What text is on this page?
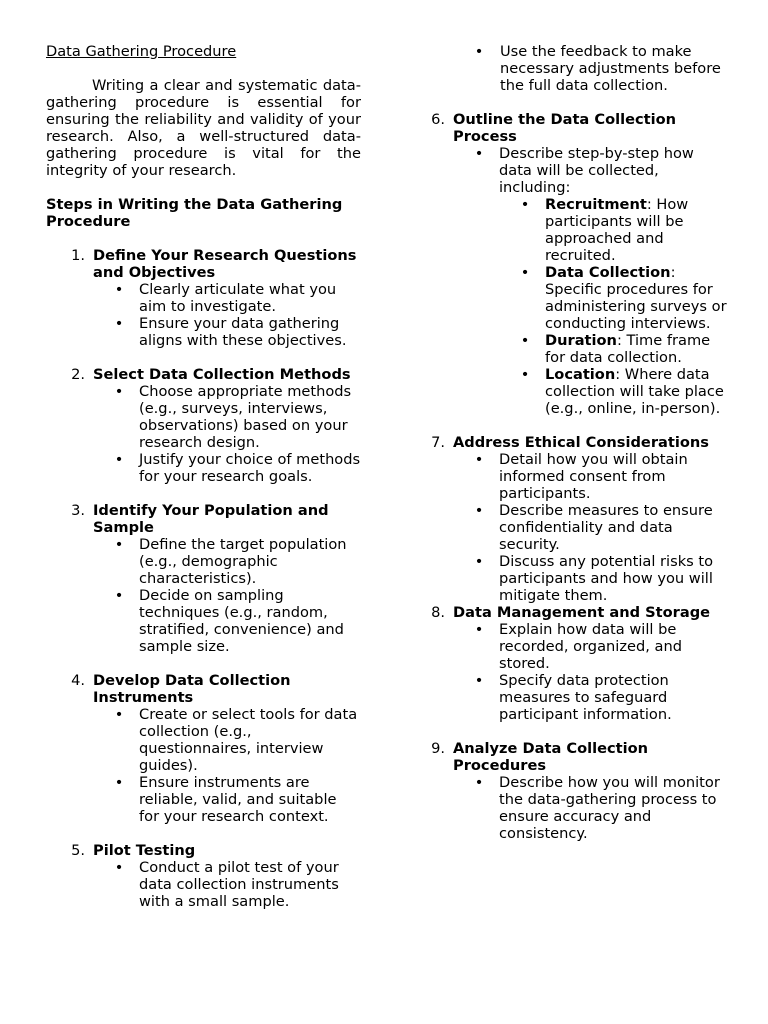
Data Gathering Procedure

Writing a clear and systematic data-gathering procedure is essential for ensuring the reliability and validity of your research. Also, a well-structured data-gathering procedure is vital for the integrity of your research.

Steps in Writing the Data Gathering Procedure
1. Define Your Research Questions and Objectives
• Clearly articulate what you aim to investigate.
• Ensure your data gathering aligns with these objectives.
2. Select Data Collection Methods
• Choose appropriate methods (e.g., surveys, interviews, observations) based on your research design.
• Justify your choice of methods for your research goals.
3. Identify Your Population and Sample
• Define the target population (e.g., demographic characteristics).
• Decide on sampling techniques (e.g., random, stratified, convenience) and sample size.
4. Develop Data Collection Instruments
• Create or select tools for data collection (e.g., questionnaires, interview guides).
• Ensure instruments are reliable, valid, and suitable for your research context.
5. Pilot Testing
• Conduct a pilot test of your data collection instruments with a small sample.
• Use the feedback to make necessary adjustments before the full data collection.
6. Outline the Data Collection Process
• Describe step-by-step how data will be collected, including:
• Recruitment: How participants will be approached and recruited.
• Data Collection: Specific procedures for administering surveys or conducting interviews.
• Duration: Time frame for data collection.
• Location: Where data collection will take place (e.g., online, in-person).
7. Address Ethical Considerations
• Detail how you will obtain informed consent from participants.
• Describe measures to ensure confidentiality and data security.
• Discuss any potential risks to participants and how you will mitigate them.
8. Data Management and Storage
• Explain how data will be recorded, organized, and stored.
• Specify data protection measures to safeguard participant information.
9. Analyze Data Collection Procedures
• Describe how you will monitor the data-gathering process to ensure accuracy and consistency.
